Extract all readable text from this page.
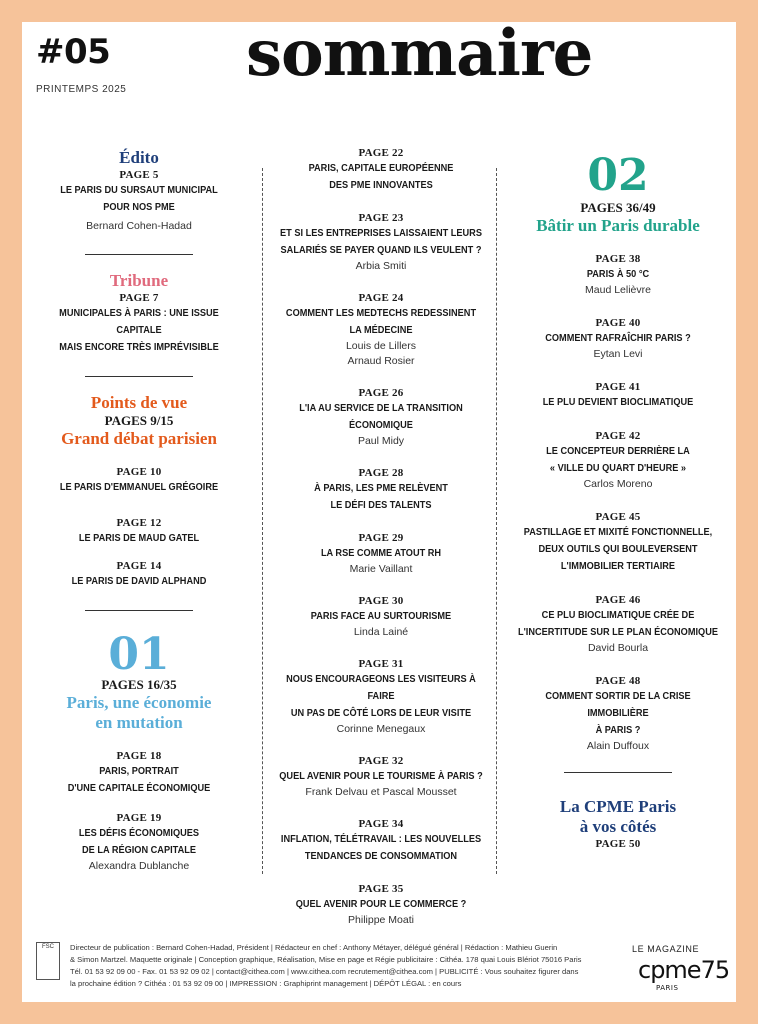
#05
PRINTEMPS 2025 sommaire
Édito
PAGE 5
LE PARIS DU SURSAUT MUNICIPAL
POUR NOS PME
Bernard Cohen-Hadad
Tribune
PAGE 7
MUNICIPALES À PARIS : UNE ISSUE CAPITALE
MAIS ENCORE TRÈS IMPRÉVISIBLE
Points de vue
PAGES 9/15
Grand débat parisien
PAGE 10
LE PARIS D'EMMANUEL GRÉGOIRE
PAGE 12
LE PARIS DE MAUD GATEL
PAGE 14
LE PARIS DE DAVID ALPHAND
01
PAGES 16/35
Paris, une économie
en mutation
PAGE 18
PARIS, PORTRAIT
D'UNE CAPITALE ÉCONOMIQUE
PAGE 19
LES DÉFIS ÉCONOMIQUES
DE LA RÉGION CAPITALE
Alexandra Dublanche
PAGE 22
PARIS, CAPITALE EUROPÉENNE
DES PME INNOVANTES
PAGE 23
ET SI LES ENTREPRISES LAISSAIENT LEURS
SALARIÉS SE PAYER QUAND ILS VEULENT ?
Arbia Smiti
PAGE 24
COMMENT LES MEDTECHS REDESSINENT
LA MÉDECINE
Louis de Lillers
Arnaud Rosier
PAGE 26
L'IA AU SERVICE DE LA TRANSITION
ÉCONOMIQUE
Paul Midy
PAGE 28
À PARIS, LES PME RELÈVENT
LE DÉFI DES TALENTS
PAGE 29
LA RSE COMME ATOUT RH
Marie Vaillant
PAGE 30
PARIS FACE AU SURTOURISME
Linda Lainé
PAGE 31
NOUS ENCOURAGEONS LES VISITEURS À FAIRE
UN PAS DE CÔTÉ LORS DE LEUR VISITE
Corinne Menegaux
PAGE 32
QUEL AVENIR POUR LE TOURISME À PARIS ?
Frank Delvau et Pascal Mousset
PAGE 34
INFLATION, TÉLÉTRAVAIL : LES NOUVELLES
TENDANCES DE CONSOMMATION
PAGE 35
QUEL AVENIR POUR LE COMMERCE ?
Philippe Moati
02
PAGES 36/49
Bâtir un Paris durable
PAGE 38
PARIS À 50 °C
Maud Lelièvre
PAGE 40
COMMENT RAFRAÎCHIR PARIS ?
Eytan Levi
PAGE 41
LE PLU DEVIENT BIOCLIMATIQUE
PAGE 42
LE CONCEPTEUR DERRIÈRE LA
« VILLE DU QUART D'HEURE »
Carlos Moreno
PAGE 45
PASTILLAGE ET MIXITÉ FONCTIONNELLE,
DEUX OUTILS QUI BOULEVERSENT
L'IMMOBILIER TERTIAIRE
PAGE 46
CE PLU BIOCLIMATIQUE CRÉE DE
L'INCERTITUDE SUR LE PLAN ÉCONOMIQUE
David Bourla
PAGE 48
COMMENT SORTIR DE LA CRISE IMMOBILIÈRE
À PARIS ?
Alain Duffoux
La CPME Paris
à vos côtés
PAGE 50
FSC	Directeur de publication : Bernard Cohen-Hadad, Président | Rédacteur en chef : Anthony Métayer, délégué général | Rédaction : Mathieu Guerin
& Simon Martzel. Maquette originale | Conception graphique, Réalisation, Mise en page et Régie publicitaire : Cithéa. 178 quai Louis Blériot 75016 Paris
Tél. 01 53 92 09 00 - Fax. 01 53 92 09 02 | contact@cithea.com | www.cithea.com recrutement@cithea.com | PUBLICITÉ : Vous souhaitez figurer dans
la prochaine édition ? Cithéa : 01 53 92 09 00 | IMPRESSION : Graphiprint management | DÉPÔT LÉGAL : en cours
LE MAGAZINE
cpme75
PARIS
